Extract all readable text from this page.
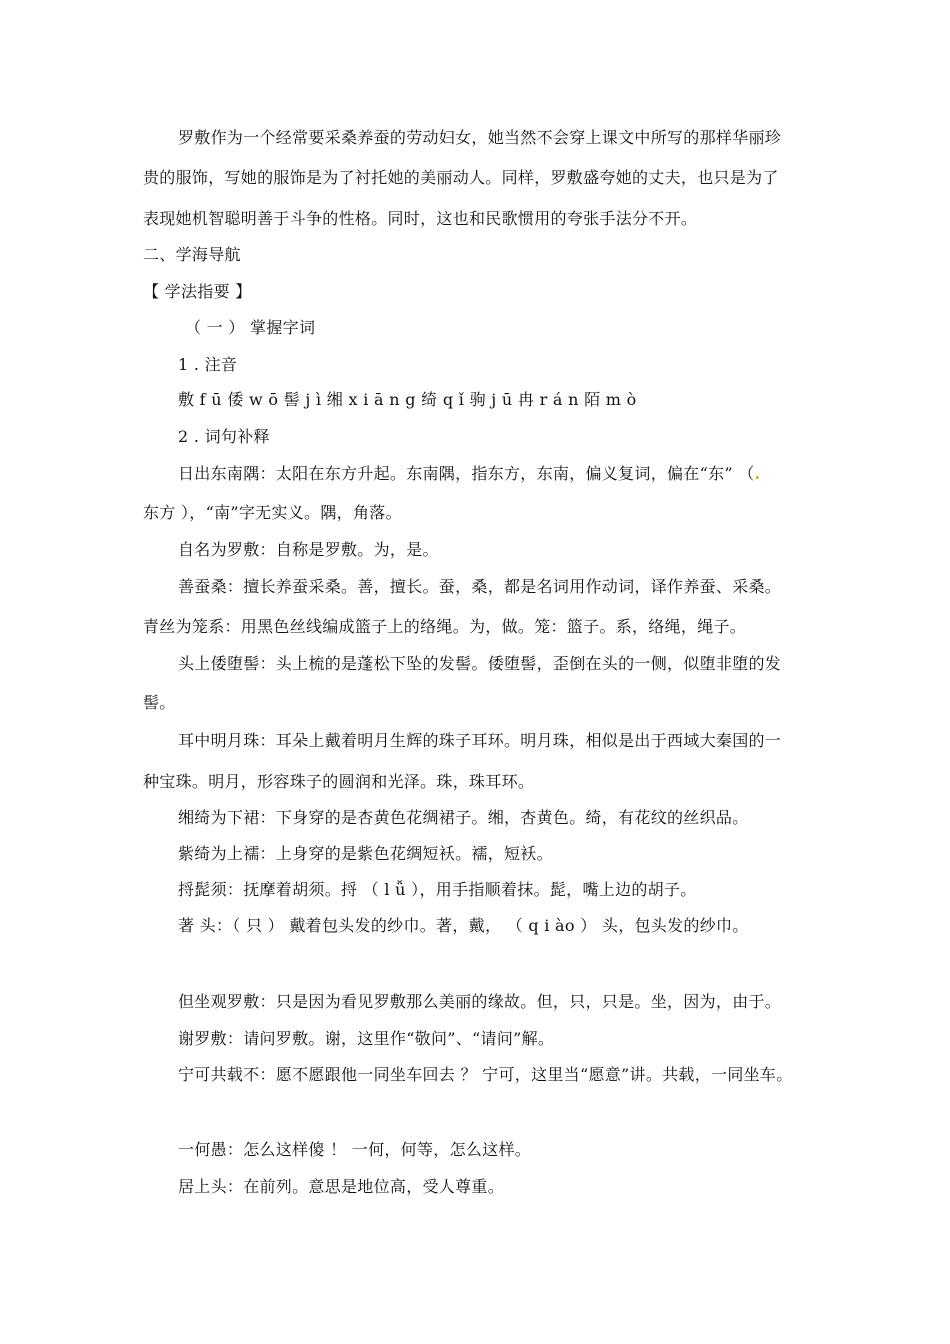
罗敷作为一个经常要采桑养蚕的劳动妇女，她当然不会穿上课文中所写的那样华丽珍
贵的服饰，写她的服饰是为了衬托她的美丽动人。同样，罗敷盛夸她的丈夫，也只是为了
表现她机智聪明善于斗争的性格。同时，这也和民歌惯用的夸张手法分不开。
二、学海导航
【 学法指要 】
（ 一 ） 掌握字词
1 . 注音
敷 f ū 倭 w ō 髻 j ì 缃 x i ā n g 绮 q ǐ 驹 j ū 冉 r á n 陌 m ò
2 . 词句补释
日出东南隅：太阳在东方升起。东南隅，指东方，东南，偏义复词，偏在“东” （.
东方 ），“南”字无实义。隅，角落。
自名为罗敷：自称是罗敷。为，是。
善蚕桑：擅长养蚕采桑。善，擅长。蚕，桑，都是名词用作动词，译作养蚕、采桑。
青丝为笼系：用黑色丝线编成篮子上的络绳。为，做。笼：篮子。系，络绳，绳子。
头上倭堕髻：头上梳的是蓬松下坠的发髻。倭堕髻，歪倒在头的一侧，似堕非堕的发
髻。
耳中明月珠：耳朵上戴着明月生辉的珠子耳环。明月珠，相似是出于西域大秦国的一
种宝珠。明月，形容珠子的圆润和光泽。珠，珠耳环。
缃绮为下裙：下身穿的是杏黄色花绸裙子。缃，杏黄色。绮，有花纹的丝织品。
紫绮为上襦：上身穿的是紫色花绸短袄。襦，短袄。
捋髭须：抚摩着胡须。捋 （ l ǚ ），用手指顺着抹。髭，嘴上边的胡子。
著 头：（ 只 ） 戴着包头发的纱巾。著，戴， （ q i ào ） 头，包头发的纱巾。
但坐观罗敷：只是因为看见罗敷那么美丽的缘故。但，只，只是。坐，因为，由于。
谢罗敷：请问罗敷。谢，这里作“敬问”、“请问”解。
宁可共载不：愿不愿跟他一同坐车回去 ？ 宁可，这里当“愿意”讲。共载，一同坐车。
一何愚：怎么这样傻 ！ 一何，何等，怎么这样。
居上头：在前列。意思是地位高，受人尊重。
